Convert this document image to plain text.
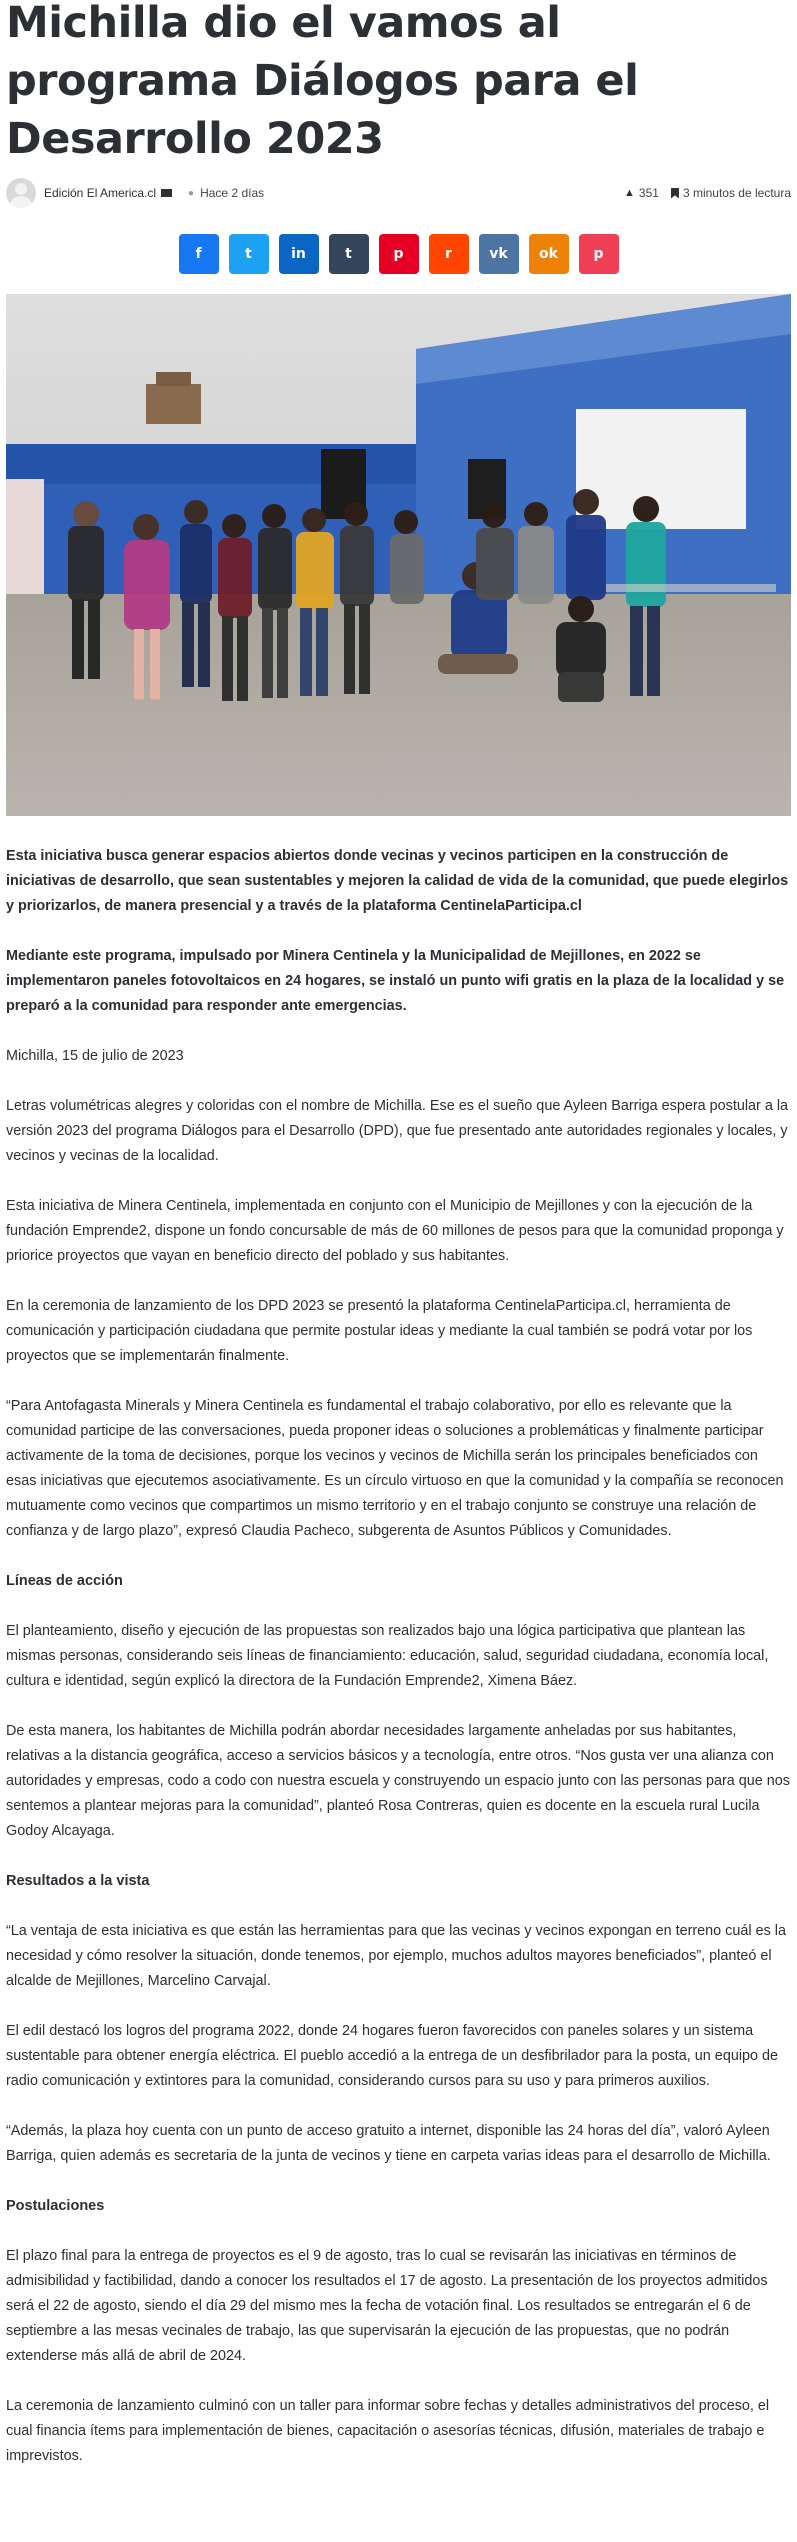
Michilla dio el vamos al programa Diálogos para el Desarrollo 2023
Edición El America.cl	● Hace 2 días	▲ 351 3 minutos de lectura
f	t	in	t	p	r	vk ok	p

Esta iniciativa busca generar espacios abiertos donde vecinas y vecinos participen en la construcción de iniciativas de desarrollo, que sean sustentables y mejoren la calidad de vida de la comunidad, que puede elegirlos y priorizarlos, de manera presencial y a través de la plataforma CentinelaParticipa.cl

Mediante este programa, impulsado por Minera Centinela y la Municipalidad de Mejillones, en 2022 se implementaron paneles fotovoltaicos en 24 hogares, se instaló un punto wifi gratis en la plaza de la localidad y se preparó a la comunidad para responder ante emergencias.

Michilla, 15 de julio de 2023

Letras volumétricas alegres y coloridas con el nombre de Michilla. Ese es el sueño que Ayleen Barriga espera postular a la versión 2023 del programa Diálogos para el Desarrollo (DPD), que fue presentado ante autoridades regionales y locales, y vecinos y vecinas de la localidad.

Esta iniciativa de Minera Centinela, implementada en conjunto con el Municipio de Mejillones y con la ejecución de la fundación Emprende2, dispone un fondo concursable de más de 60 millones de pesos para que la comunidad proponga y priorice proyectos que vayan en beneficio directo del poblado y sus habitantes.

En la ceremonia de lanzamiento de los DPD 2023 se presentó la plataforma CentinelaParticipa.cl, herramienta de comunicación y participación ciudadana que permite postular ideas y mediante la cual también se podrá votar por los proyectos que se implementarán finalmente.

“Para Antofagasta Minerals y Minera Centinela es fundamental el trabajo colaborativo, por ello es relevante que la comunidad participe de las conversaciones, pueda proponer ideas o soluciones a problemáticas y finalmente participar activamente de la toma de decisiones, porque los vecinos y vecinos de Michilla serán los principales beneficiados con esas iniciativas que ejecutemos asociativamente. Es un círculo virtuoso en que la comunidad y la compañía se reconocen mutuamente como vecinos que compartimos un mismo territorio y en el trabajo conjunto se construye una relación de confianza y de largo plazo”, expresó Claudia Pacheco, subgerenta de Asuntos Públicos y Comunidades.

Líneas de acción

El planteamiento, diseño y ejecución de las propuestas son realizados bajo una lógica participativa que plantean las mismas personas, considerando seis líneas de financiamiento: educación, salud, seguridad ciudadana, economía local, cultura e identidad, según explicó la directora de la Fundación Emprende2, Ximena Báez.

De esta manera, los habitantes de Michilla podrán abordar necesidades largamente anheladas por sus habitantes, relativas a la distancia geográfica, acceso a servicios básicos y a tecnología, entre otros. “Nos gusta ver una alianza con autoridades y empresas, codo a codo con nuestra escuela y construyendo un espacio junto con las personas para que nos sentemos a plantear mejoras para la comunidad”, planteó Rosa Contreras, quien es docente en la escuela rural Lucila Godoy Alcayaga.

Resultados a la vista

“La ventaja de esta iniciativa es que están las herramientas para que las vecinas y vecinos expongan en terreno cuál es la necesidad y cómo resolver la situación, donde tenemos, por ejemplo, muchos adultos mayores beneficiados”, planteó el alcalde de Mejillones, Marcelino Carvajal.

El edil destacó los logros del programa 2022, donde 24 hogares fueron favorecidos con paneles solares y un sistema sustentable para obtener energía eléctrica. El pueblo accedió a la entrega de un desfibrilador para la posta, un equipo de radio comunicación y extintores para la comunidad, considerando cursos para su uso y para primeros auxilios.

“Además, la plaza hoy cuenta con un punto de acceso gratuito a internet, disponible las 24 horas del día”, valoró Ayleen Barriga, quien además es secretaria de la junta de vecinos y tiene en carpeta varias ideas para el desarrollo de Michilla.

Postulaciones

El plazo final para la entrega de proyectos es el 9 de agosto, tras lo cual se revisarán las iniciativas en términos de admisibilidad y factibilidad, dando a conocer los resultados el 17 de agosto. La presentación de los proyectos admitidos será el 22 de agosto, siendo el día 29 del mismo mes la fecha de votación final. Los resultados se entregarán el 6 de septiembre a las mesas vecinales de trabajo, las que supervisarán la ejecución de las propuestas, que no podrán extenderse más allá de abril de 2024.

La ceremonia de lanzamiento culminó con un taller para informar sobre fechas y detalles administrativos del proceso, el cual financia ítems para implementación de bienes, capacitación o asesorías técnicas, difusión, materiales de trabajo e imprevistos.
